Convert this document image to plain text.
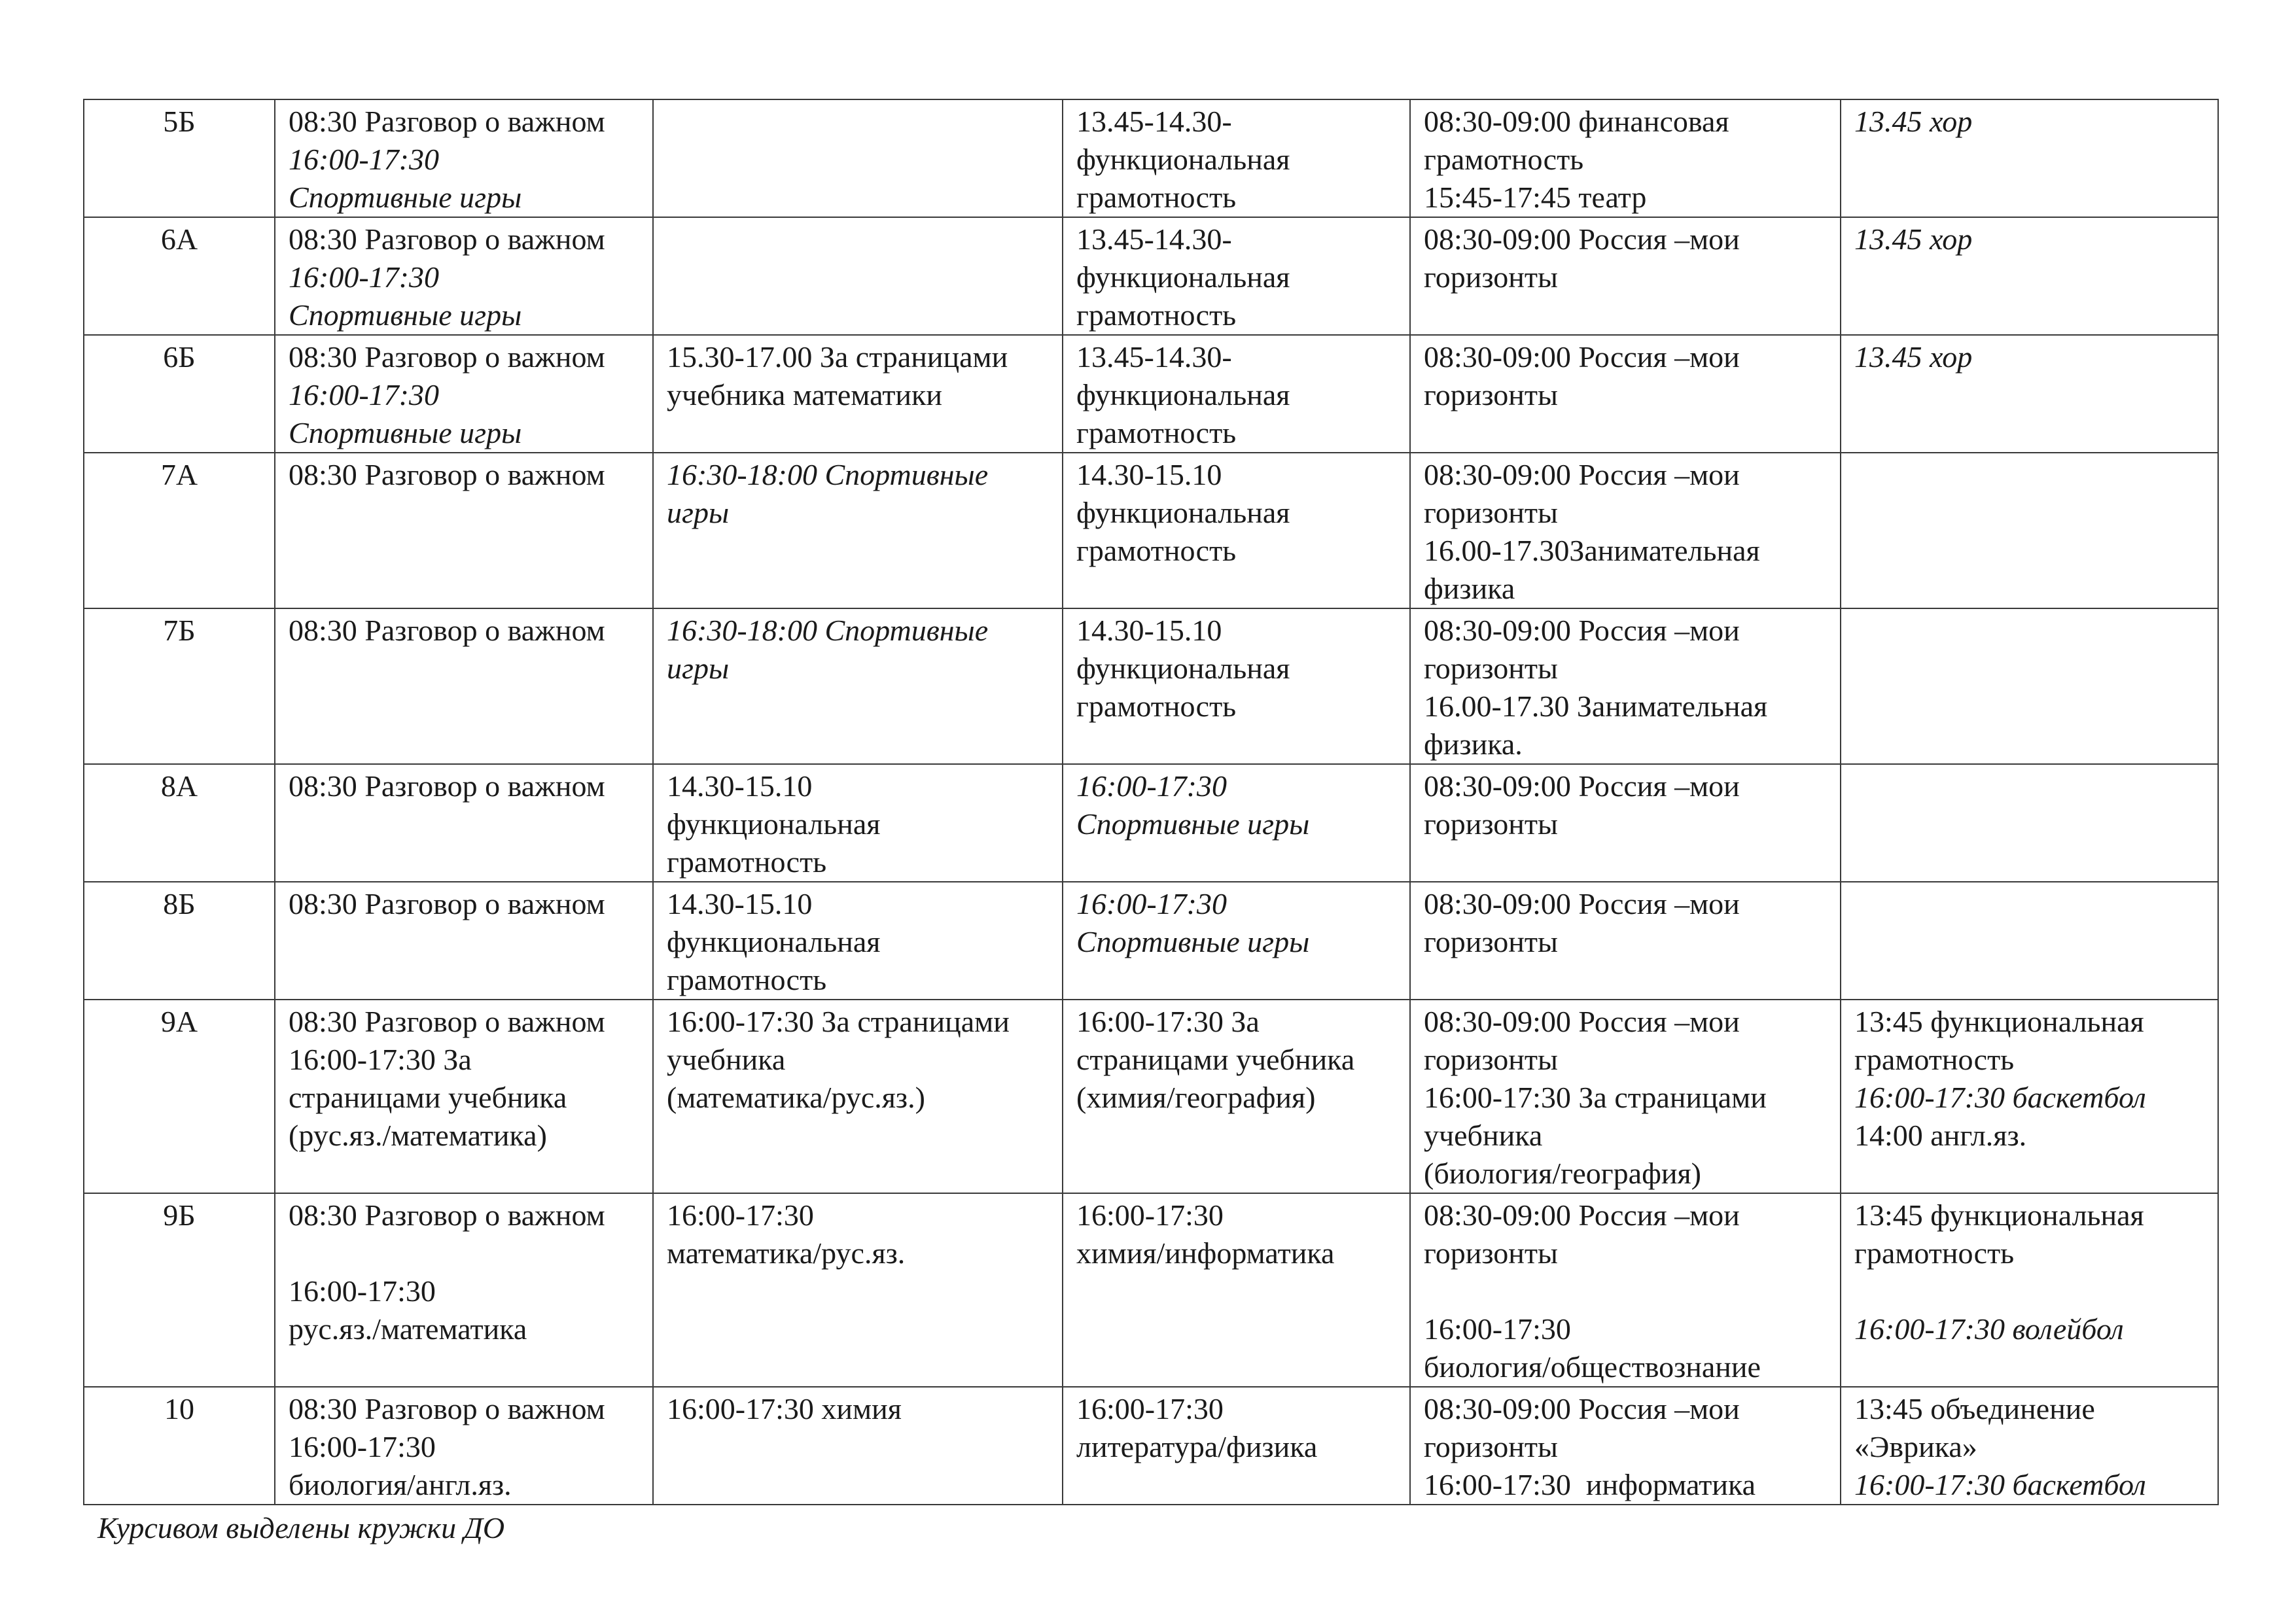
5Б	08:30 Разговор о важном
16:00-17:30
Спортивные игры		13.45-14.30-
функциональная
грамотность	08:30-09:00 финансовая
грамотность
15:45-17:45 театр	13.45 хор

6А	08:30 Разговор о важном
16:00-17:30
Спортивные игры		13.45-14.30-
функциональная
грамотность	08:30-09:00 Россия –мои
горизонты	13.45 хор

6Б	08:30 Разговор о важном
16:00-17:30
Спортивные игры	15.30-17.00 За страницами
учебника математики	13.45-14.30-
функциональная
грамотность	08:30-09:00 Россия –мои
горизонты	13.45 хор

7А	08:30 Разговор о важном	16:30-18:00 Спортивные
игры	14.30-15.10
функциональная
грамотность	08:30-09:00 Россия –мои
горизонты
16.00-17.30Занимательная
физика	

7Б	08:30 Разговор о важном	16:30-18:00 Спортивные
игры	14.30-15.10
функциональная
грамотность	08:30-09:00 Россия –мои
горизонты
16.00-17.30 Занимательная
физика.	

8А	08:30 Разговор о важном	14.30-15.10
функциональная
грамотность	16:00-17:30
Спортивные игры	08:30-09:00 Россия –мои
горизонты	

8Б	08:30 Разговор о важном	14.30-15.10
функциональная
грамотность	16:00-17:30
Спортивные игры	08:30-09:00 Россия –мои
горизонты	

9А	08:30 Разговор о важном
16:00-17:30 За
страницами учебника
(рус.яз./математика)	16:00-17:30 За страницами
учебника
(математика/рус.яз.)	16:00-17:30 За
страницами учебника
(химия/география)	08:30-09:00 Россия –мои
горизонты
16:00-17:30 За страницами
учебника
(биология/география)	13:45 функциональная
грамотность
16:00-17:30 баскетбол
14:00 англ.яз.

9Б	08:30 Разговор о важном
16:00-17:30
рус.яз./математика	16:00-17:30
математика/рус.яз.	16:00-17:30
химия/информатика	08:30-09:00 Россия –мои
горизонты
16:00-17:30
биология/обществознание	13:45 функциональная
грамотность
16:00-17:30 волейбол

10	08:30 Разговор о важном
16:00-17:30
биология/англ.яз.	16:00-17:30 химия	16:00-17:30
литература/физика	08:30-09:00 Россия –мои
горизонты
16:00-17:30  информатика	13:45 объединение
«Эврика»
16:00-17:30 баскетбол
Курсивом выделены кружки ДО
